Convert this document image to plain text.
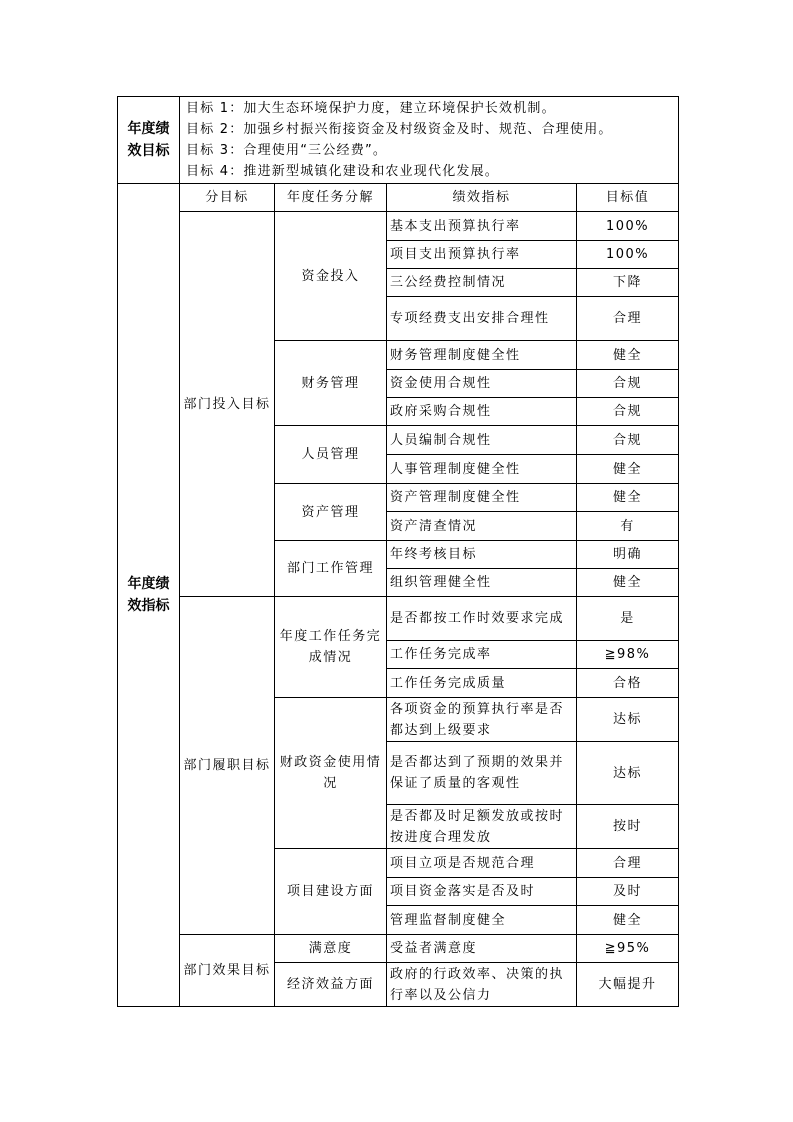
年度绩效目标	目标 1：加大生态环境保护力度，建立环境保护长效机制。
目标 2：加强乡村振兴衔接资金及村级资金及时、规范、合理使用。
目标 3：合理使用“三公经费”。
目标 4：推进新型城镇化建设和农业现代化发展。			

年度绩效指标	分目标	年度任务分解	绩效指标	目标值
	部门投入目标	资金投入	基本支出预算执行率	100%
			项目支出预算执行率	100%
			三公经费控制情况	下降
			专项经费支出安排合理性	合理
		财务管理	财务管理制度健全性	健全
			资金使用合规性	合规
			政府采购合规性	合规
		人员管理	人员编制合规性	合规
			人事管理制度健全性	健全
		资产管理	资产管理制度健全性	健全
			资产清查情况	有
		部门工作管理	年终考核目标	明确
			组织管理健全性	健全
	部门履职目标	年度工作任务完成情况	是否都按工作时效要求完成	是
			工作任务完成率	≧98%
			工作任务完成质量	合格
		财政资金使用情况	各项资金的预算执行率是否都达到上级要求	达标
			是否都达到了预期的效果并保证了质量的客观性	达标
			是否都及时足额发放或按时按进度合理发放	按时
		项目建设方面	项目立项是否规范合理	合理
			项目资金落实是否及时	及时
			管理监督制度健全	健全
	部门效果目标	满意度	受益者满意度	≧95%
		经济效益方面	政府的行政效率、决策的执行率以及公信力	大幅提升
